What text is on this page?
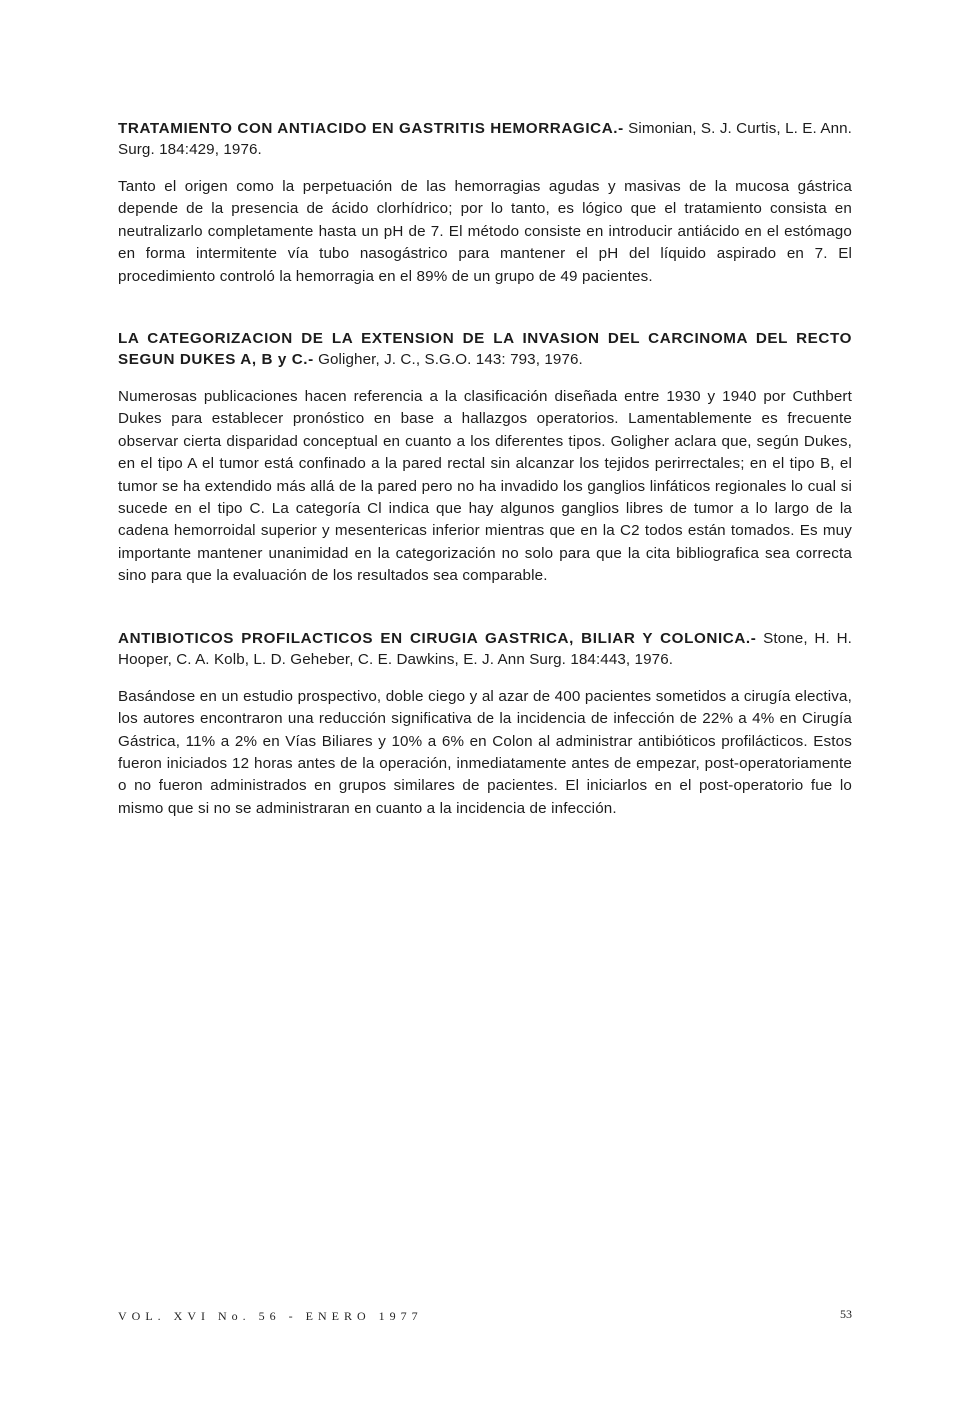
TRATAMIENTO CON ANTIACIDO EN GASTRITIS HEMORRAGICA.- Simonian, S. J. Curtis, L. E. Ann. Surg. 184:429, 1976.

Tanto el origen como la perpetuación de las hemorragias agudas y masivas de la mucosa gástrica depende de la presencia de ácido clorhídrico; por lo tanto, es lógico que el tratamiento consista en neutralizarlo completamente hasta un pH de 7. El método consiste en introducir antiácido en el estómago en forma intermitente vía tubo nasogástrico para mantener el pH del líquido aspirado en 7. El procedimiento controló la hemorragia en el 89% de un grupo de 49 pacientes.

LA CATEGORIZACION DE LA EXTENSION DE LA INVASION DEL CARCINOMA DEL RECTO SEGUN DUKES A, B y C.- Goligher, J. C., S.G.O. 143: 793, 1976.

Numerosas publicaciones hacen referencia a la clasificación diseñada entre 1930 y 1940 por Cuthbert Dukes para establecer pronóstico en base a hallazgos operatorios. Lamentablemente es frecuente observar cierta disparidad conceptual en cuanto a los diferentes tipos. Goligher aclara que, según Dukes, en el tipo A el tumor está confinado a la pared rectal sin alcanzar los tejidos perirrectales; en el tipo B, el tumor se ha extendido más allá de la pared pero no ha invadido los ganglios linfáticos regionales lo cual si sucede en el tipo C. La categoría Cl indica que hay algunos ganglios libres de tumor a lo largo de la cadena hemorroidal superior y mesentericas inferior mientras que en la C2 todos están tomados. Es muy importante mantener unanimidad en la categorización no solo para que la cita bibliografica sea correcta sino para que la evaluación de los resultados sea comparable.

ANTIBIOTICOS PROFILACTICOS EN CIRUGIA GASTRICA, BILIAR Y COLONICA.- Stone, H. H. Hooper, C. A. Kolb, L. D. Geheber, C. E. Dawkins, E. J. Ann Surg. 184:443, 1976.

Basándose en un estudio prospectivo, doble ciego y al azar de 400 pacientes sometidos a cirugía electiva, los autores encontraron una reducción significativa de la incidencia de infección de 22% a 4% en Cirugía Gástrica, 11% a 2% en Vías Biliares y 10% a 6% en Colon al administrar antibióticos profilácticos. Estos fueron iniciados 12 horas antes de la operación, inmediatamente antes de empezar, post-operatoriamente o no fueron administrados en grupos similares de pacientes. El iniciarlos en el post-operatorio fue lo mismo que si no se administraran en cuanto a la incidencia de infección.

VOL. XVI No. 56 - ENERO 1977	53
